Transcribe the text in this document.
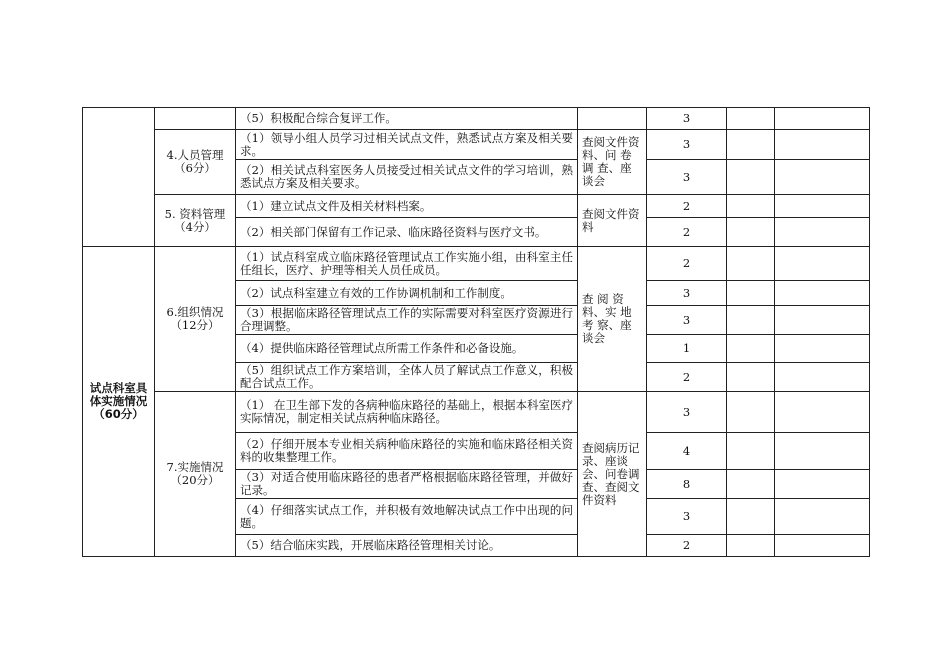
		（5）积极配合综合复评工作。		3		
	4.人员管理（6分）	（1）领导小组人员学习过相关试点文件，熟悉试点方案及相关要求。	查阅文件资料、问 卷 调 查、座谈会	3		
		（2）相关试点科室医务人员接受过相关试点文件的学习培训，熟悉试点方案及相关要求。		3		
	5. 资料管理（4分）	（1）建立试点文件及相关材料档案。	查阅文件资料	2		
		（2）相关部门保留有工作记录、临床路径资料与医疗文书。		2		
试点科室具体实施情况（60分）	6.组织情况（12分）	（1）试点科室成立临床路径管理试点工作实施小组，由科室主任任组长，医疗、护理等相关人员任成员。	查 阅 资 料、实 地 考 察、座谈会	2		
		（2）试点科室建立有效的工作协调机制和工作制度。		3		
		（3）根据临床路径管理试点工作的实际需要对科室医疗资源进行合理调整。		3		
		（4）提供临床路径管理试点所需工作条件和必备设施。		1		
		（5）组织试点工作方案培训，全体人员了解试点工作意义，积极配合试点工作。		2		
	7.实施情况（20分）	（1） 在卫生部下发的各病种临床路径的基础上，根据本科室医疗实际情况，制定相关试点病种临床路径。	查阅病历记录、座谈会、问卷调查、查阅文件资料	3		
		（2）仔细开展本专业相关病种临床路径的实施和临床路径相关资料的收集整理工作。		4		
		（3）对适合使用临床路径的患者严格根据临床路径管理，并做好记录。		8		
		（4）仔细落实试点工作，并积极有效地解决试点工作中出现的问题。		3		
		（5）结合临床实践，开展临床路径管理相关讨论。		2		
